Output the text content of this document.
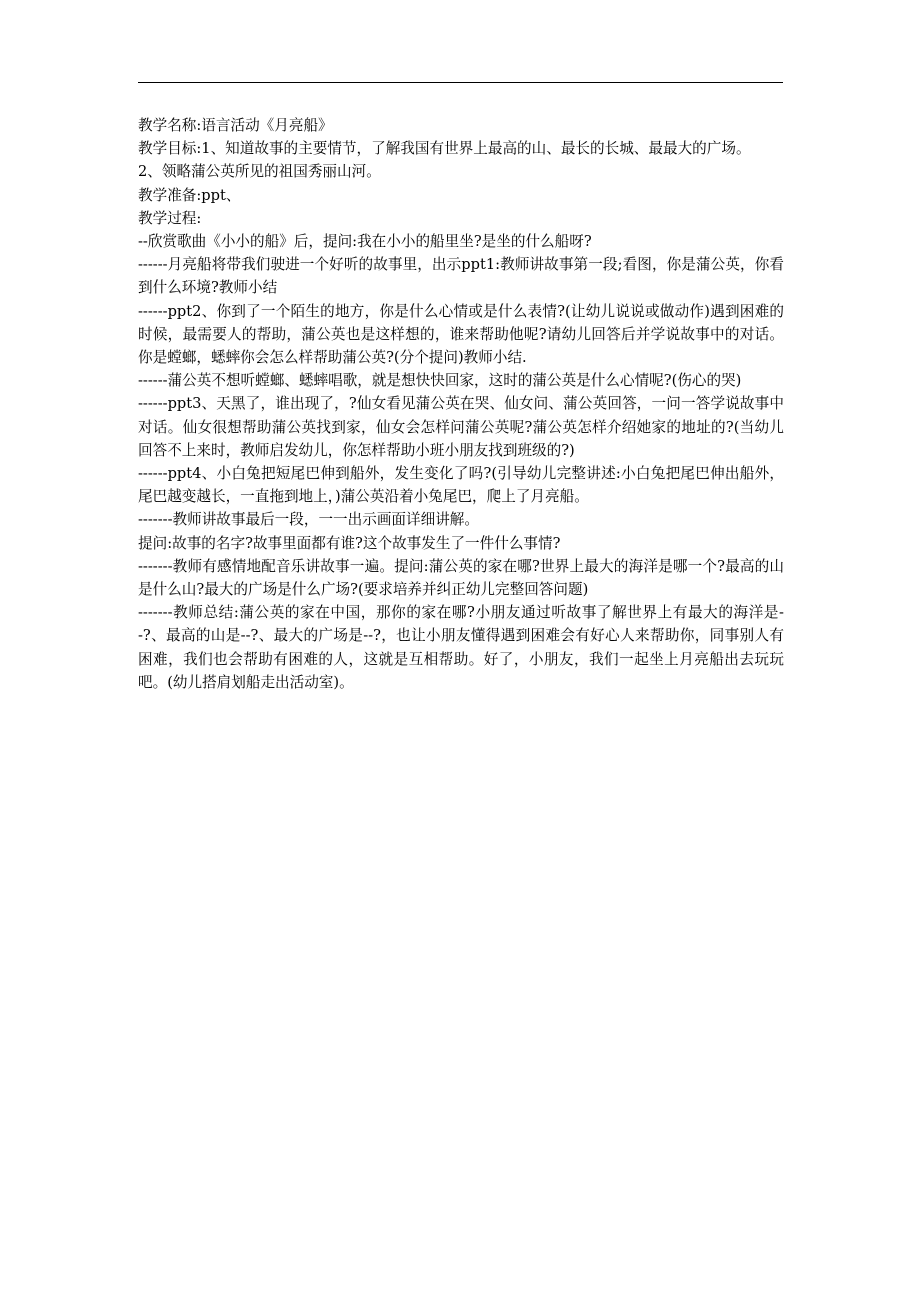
教学名称:语言活动《月亮船》

教学目标:1、知道故事的主要情节，了解我国有世界上最高的山、最长的长城、最最大的广场。

2、领略蒲公英所见的祖国秀丽山河。

教学准备:ppt、

教学过程:

--欣赏歌曲《小小的船》后，提问:我在小小的船里坐?是坐的什么船呀?

------月亮船将带我们驶进一个好听的故事里，出示ppt1:教师讲故事第一段;看图，你是蒲公英，你看到什么环境?教师小结

------ppt2、你到了一个陌生的地方，你是什么心情或是什么表情?(让幼儿说说或做动作)遇到困难的时候，最需要人的帮助，蒲公英也是这样想的，谁来帮助他呢?请幼儿回答后并学说故事中的对话。你是螳螂，蟋蟀你会怎么样帮助蒲公英?(分个提问)教师小结.

------蒲公英不想听螳螂、蟋蟀唱歌，就是想快快回家，这时的蒲公英是什么心情呢?(伤心的哭)

------ppt3、天黑了，谁出现了，?仙女看见蒲公英在哭、仙女问、蒲公英回答，一问一答学说故事中对话。仙女很想帮助蒲公英找到家，仙女会怎样问蒲公英呢?蒲公英怎样介绍她家的地址的?(当幼儿回答不上来时，教师启发幼儿，你怎样帮助小班小朋友找到班级的?)

------ppt4、小白兔把短尾巴伸到船外，发生变化了吗?(引导幼儿完整讲述:小白兔把尾巴伸出船外，尾巴越变越长，一直拖到地上，)蒲公英沿着小兔尾巴，爬上了月亮船。

-------教师讲故事最后一段，一一出示画面详细讲解。

提问:故事的名字?故事里面都有谁?这个故事发生了一件什么事情?

-------教师有感情地配音乐讲故事一遍。提问:蒲公英的家在哪?世界上最大的海洋是哪一个?最高的山是什么山?最大的广场是什么广场?(要求培养并纠正幼儿完整回答问题)

-------教师总结:蒲公英的家在中国，那你的家在哪?小朋友通过听故事了解世界上有最大的海洋是--?、最高的山是--?、最大的广场是--?，也让小朋友懂得遇到困难会有好心人来帮助你，同事别人有困难，我们也会帮助有困难的人，这就是互相帮助。好了，小朋友，我们一起坐上月亮船出去玩玩吧。(幼儿搭肩划船走出活动室)。
